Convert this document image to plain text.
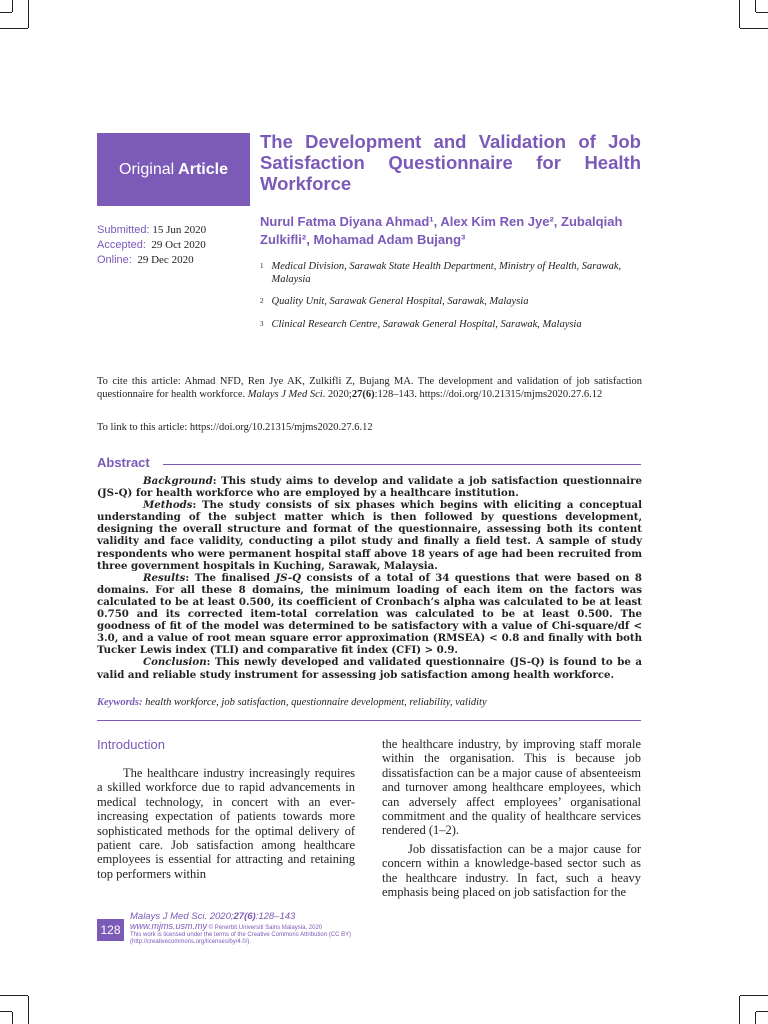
Original Article
The Development and Validation of Job Satisfaction Questionnaire for Health Workforce
Submitted: 15 Jun 2020
Accepted: 29 Oct 2020
Online: 29 Dec 2020
Nurul Fatma Diyana Ahmad¹, Alex Kim Ren Jye², Zubalqiah
Zulkifli², Mohamad Adam Bujang³
1 Medical Division, Sarawak State Health Department, Ministry of Health, Sarawak, Malaysia
2 Quality Unit, Sarawak General Hospital, Sarawak, Malaysia
3 Clinical Research Centre, Sarawak General Hospital, Sarawak, Malaysia
To cite this article: Ahmad NFD, Ren Jye AK, Zulkifli Z, Bujang MA. The development and validation of job satisfaction questionnaire for health workforce. Malays J Med Sci. 2020;27(6):128–143. https://doi.org/10.21315/mjms2020.27.6.12
To link to this article: https://doi.org/10.21315/mjms2020.27.6.12
Abstract

Background: This study aims to develop and validate a job satisfaction questionnaire (JS-Q) for health workforce who are employed by a healthcare institution.

Methods: The study consists of six phases which begins with eliciting a conceptual understanding of the subject matter which is then followed by questions development, designing the overall structure and format of the questionnaire, assessing both its content validity and face validity, conducting a pilot study and finally a field test. A sample of study respondents who were permanent hospital staff above 18 years of age had been recruited from three government hospitals in Kuching, Sarawak, Malaysia.

Results: The finalised JS-Q consists of a total of 34 questions that were based on 8 domains. For all these 8 domains, the minimum loading of each item on the factors was calculated to be at least 0.500, its coefficient of Cronbach’s alpha was calculated to be at least 0.750 and its corrected item-total correlation was calculated to be at least 0.500. The goodness of fit of the model was determined to be satisfactory with a value of Chi-square/df < 3.0, and a value of root mean square error approximation (RMSEA) < 0.8 and finally with both Tucker Lewis index (TLI) and comparative fit index (CFI) > 0.9.

Conclusion: This newly developed and validated questionnaire (JS-Q) is found to be a valid and reliable study instrument for assessing job satisfaction among health workforce.

Keywords: health workforce, job satisfaction, questionnaire development, reliability, validity
Introduction

The healthcare industry increasingly requires a skilled workforce due to rapid advancements in medical technology, in concert with an ever-increasing expectation of patients towards more sophisticated methods for the optimal delivery of patient care. Job satisfaction among healthcare employees is essential for attracting and retaining top performers within

the healthcare industry, by improving staff morale within the organisation. This is because job dissatisfaction can be a major cause of absenteeism and turnover among healthcare employees, which can adversely affect employees’ organisational commitment and the quality of healthcare services rendered (1–2).

Job dissatisfaction can be a major cause for concern within a knowledge-based sector such as the healthcare industry. In fact, such a heavy emphasis being placed on job satisfaction for the

128
Malays J Med Sci. 2020;27(6):128–143
www.mjms.usm.my © Penerbit Universiti Sains Malaysia, 2020
This work is licensed under the terms of the Creative Commons Attribution (CC BY)
(http://creativecommons.org/licenses/by/4.0/).
